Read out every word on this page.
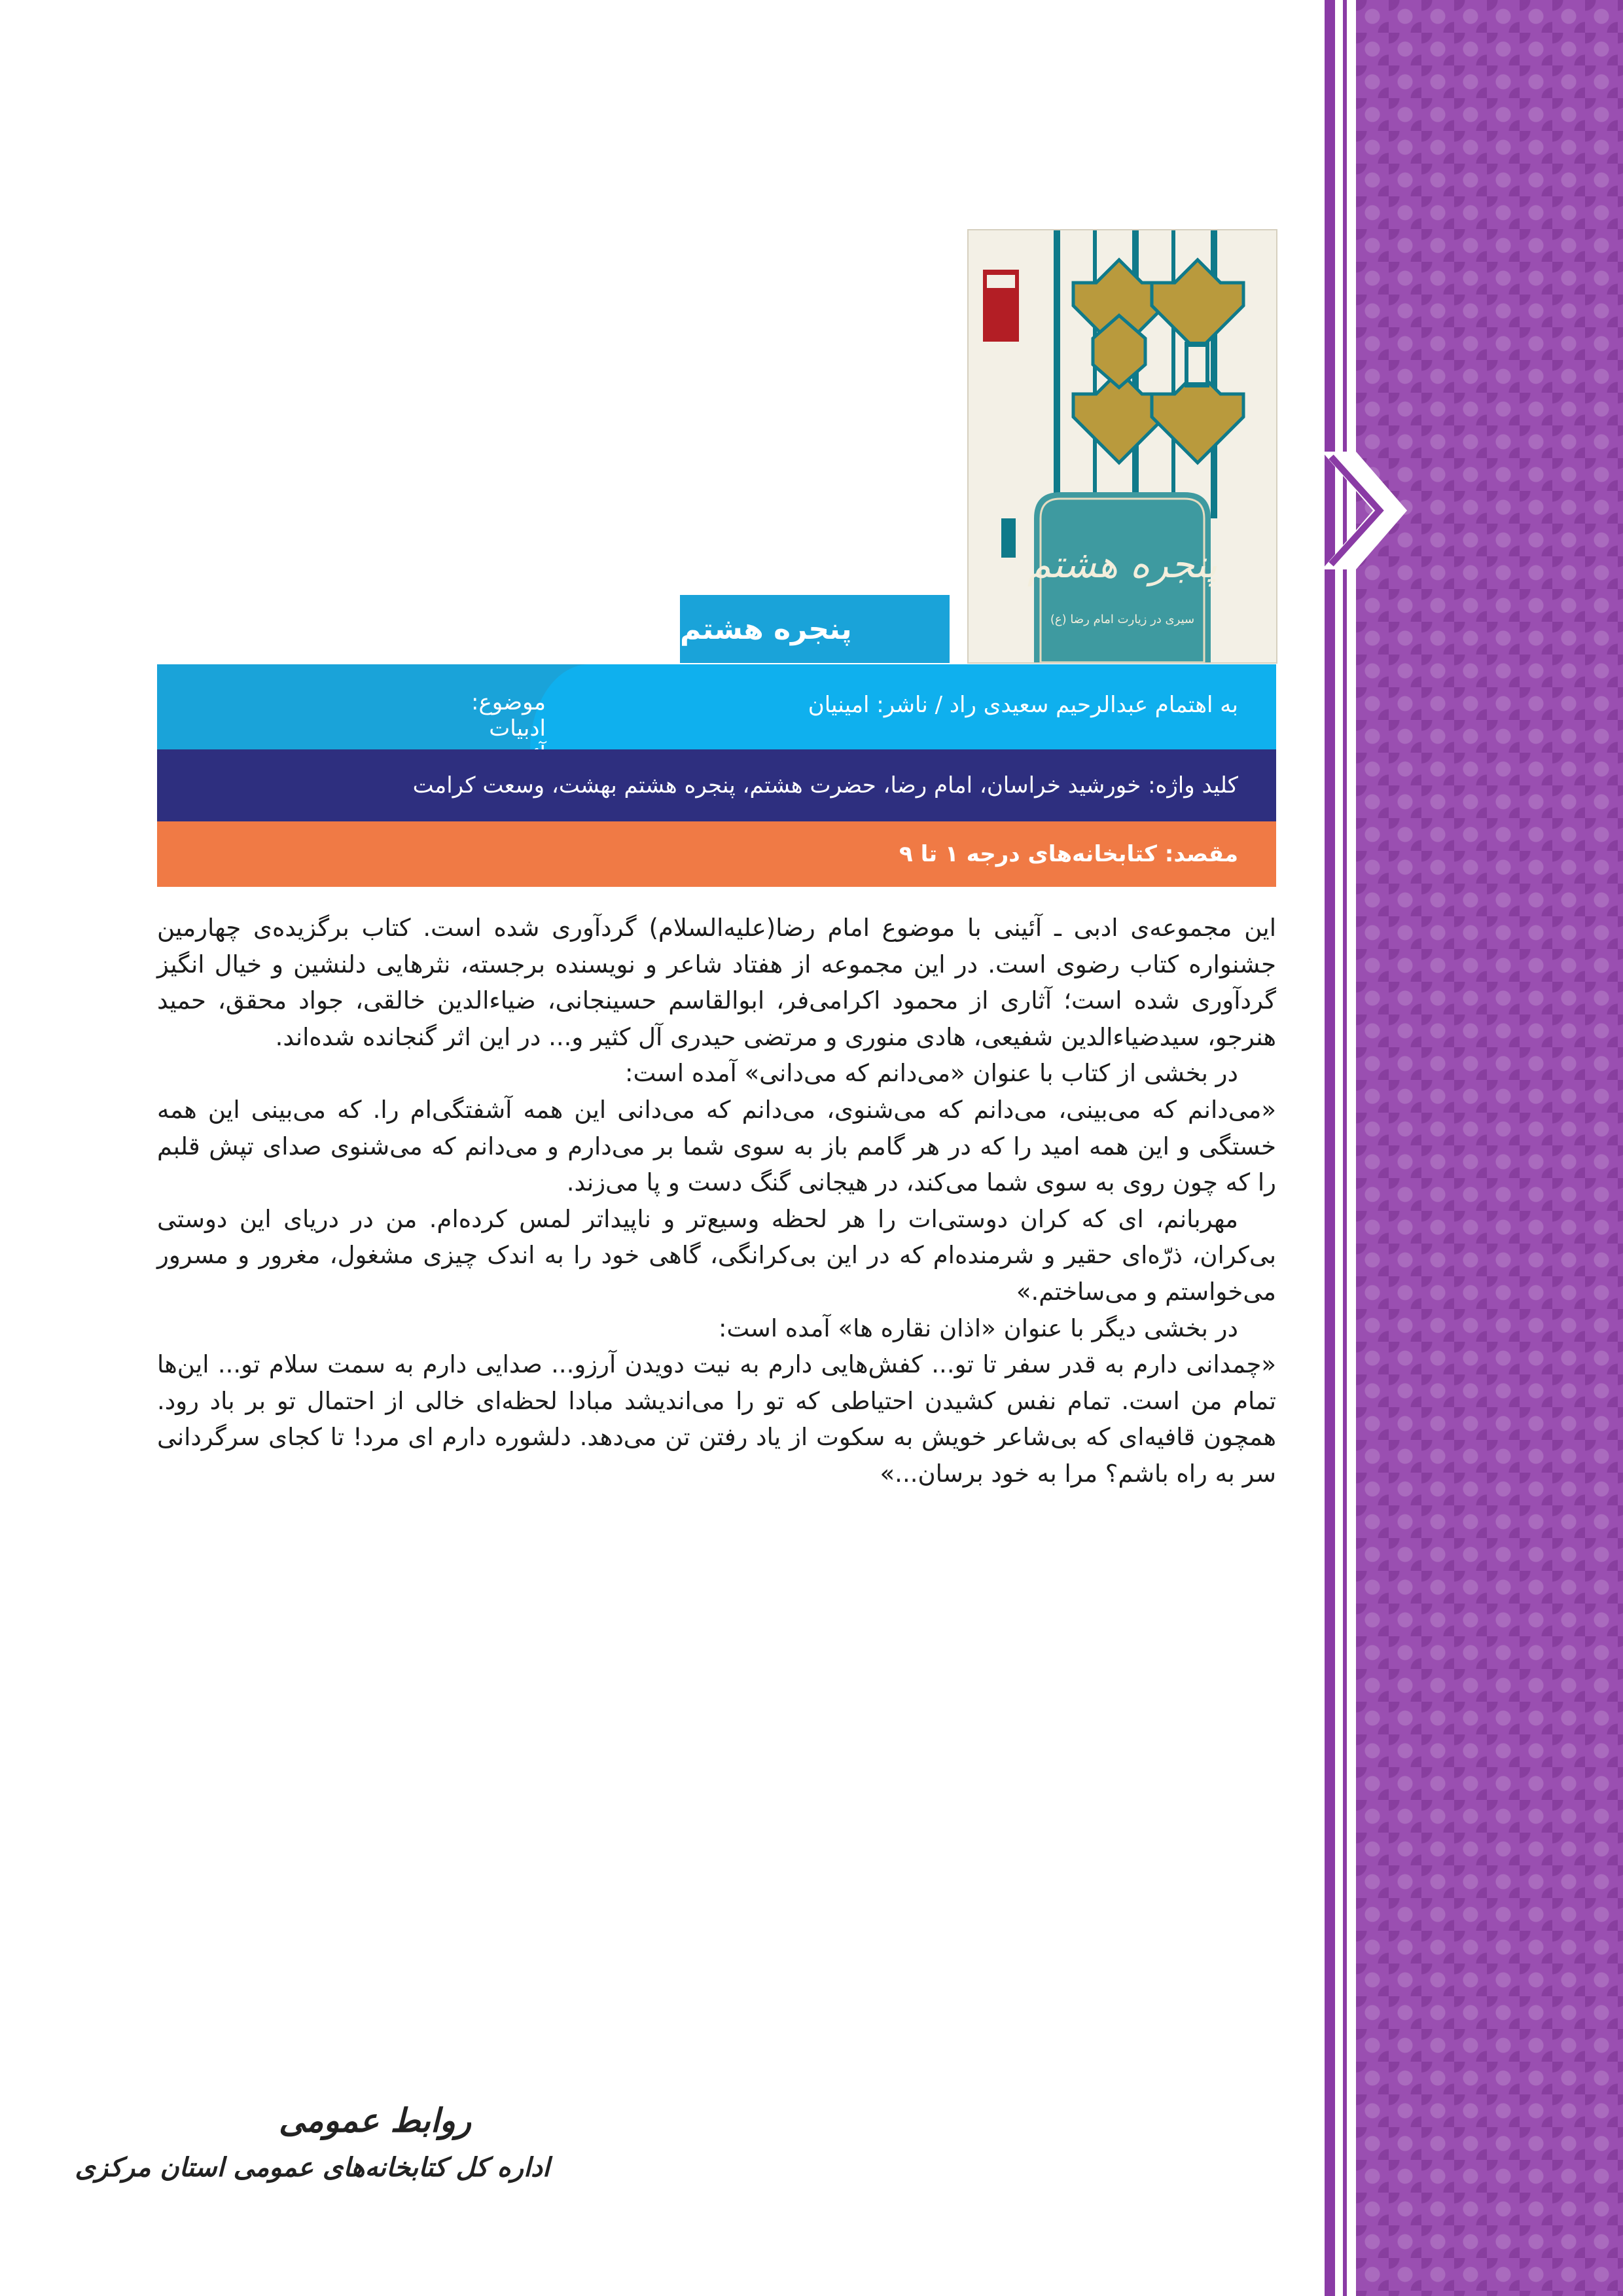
پنجره هشتم
سیری در زیارت امام رضا (ع)
پنجره هشتم
به اهتمام عبدالرحیم سعیدی راد / ناشر: امینیان
موضوع: ادبیات
کلید واژه: خورشید خراسان، امام رضا، حضرت هشتم، پنجره هشتم بهشت، وسعت کرامت
مقصد: کتابخانه‌های درجه ۱ تا ۹

این مجموعه‌ی ادبی ـ آئینی با موضوع امام رضا(علیه‌السلام) گردآوری شده است. کتاب برگزیده‌ی چهارمین جشنواره کتاب رضوی است. در این مجموعه از هفتاد شاعر و نویسنده برجسته، نثرهایی دلنشین و خیال انگیز گردآوری شده است؛ آثاری از محمود اکرامی‌فر، ابوالقاسم حسینجانی، ضیاءالدین خالقی، جواد محقق، حمید هنرجو، سیدضیاءالدین شفیعی، هادی منوری و مرتضی حیدری آل کثیر و... در این اثر گنجانده شده‌اند.

در بخشی از کتاب با عنوان «می‌دانم که می‌دانی» آمده است:

«می‌دانم که می‌بینی، می‌دانم که می‌شنوی، می‌دانم که می‌دانی این همه آشفتگی‌ام را. که می‌بینی این همه خستگی و این همه امید را که در هر گامم باز به سوی شما بر می‌دارم و می‌دانم که می‌شنوی صدای تپش قلبم را که چون روی به سوی شما می‌کند، در هیجانی گنگ دست و پا می‌زند.

مهربانم، ای که کران دوستی‌ات را هر لحظه وسیع‌تر و ناپیداتر لمس کرده‌ام. من در دریای این دوستی بی‌کران، ذرّه‌ای حقیر و شرمنده‌ام که در این بی‌کرانگی، گاهی خود را به اندک چیزی مشغول، مغرور و مسرور می‌خواستم و می‌ساختم.»

در بخشی دیگر با عنوان «اذان نقاره ها» آمده است:

«چمدانی دارم به قدر سفر تا تو... کفش‌هایی دارم به نیت دویدن آرزو... صدایی دارم به سمت سلام تو... این‌ها تمام من است. تمام نفس کشیدن احتیاطی که تو را می‌اندیشد مبادا لحظه‌ای خالی از احتمال تو بر باد رود. همچون قافیه‌ای که بی‌شاعر خویش به سکوت از یاد رفتن تن می‌دهد. دلشوره دارم ای مرد! تا کجای سرگردانی سر به راه باشم؟ مرا به خود برسان...»

روابط عمومی
اداره کل کتابخانه‌های عمومی استان مرکزی
